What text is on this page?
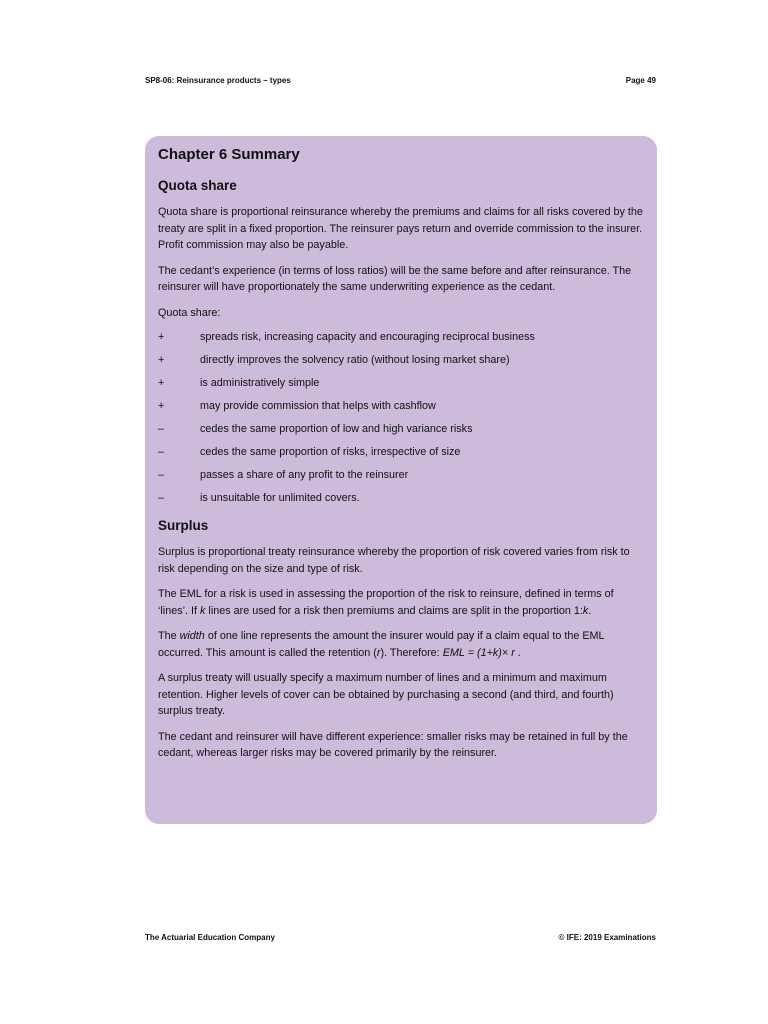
SP8-06: Reinsurance products – types	Page 49
Chapter 6 Summary
Quota share
Quota share is proportional reinsurance whereby the premiums and claims for all risks covered by the treaty are split in a fixed proportion. The reinsurer pays return and override commission to the insurer. Profit commission may also be payable.
The cedant’s experience (in terms of loss ratios) will be the same before and after reinsurance. The reinsurer will have proportionately the same underwriting experience as the cedant.
Quota share:
+	spreads risk, increasing capacity and encouraging reciprocal business
+	directly improves the solvency ratio (without losing market share)
+	is administratively simple
+	may provide commission that helps with cashflow
–	cedes the same proportion of low and high variance risks
–	cedes the same proportion of risks, irrespective of size
–	passes a share of any profit to the reinsurer
–	is unsuitable for unlimited covers.
Surplus
Surplus is proportional treaty reinsurance whereby the proportion of risk covered varies from risk to risk depending on the size and type of risk.
The EML for a risk is used in assessing the proportion of the risk to reinsure, defined in terms of ‘lines’. If k lines are used for a risk then premiums and claims are split in the proportion 1:k.
The width of one line represents the amount the insurer would pay if a claim equal to the EML occurred. This amount is called the retention (r). Therefore: EML = (1+k)× r .
A surplus treaty will usually specify a maximum number of lines and a minimum and maximum retention. Higher levels of cover can be obtained by purchasing a second (and third, and fourth) surplus treaty.
The cedant and reinsurer will have different experience: smaller risks may be retained in full by the cedant, whereas larger risks may be covered primarily by the reinsurer.
The Actuarial Education Company	© IFE: 2019 Examinations
